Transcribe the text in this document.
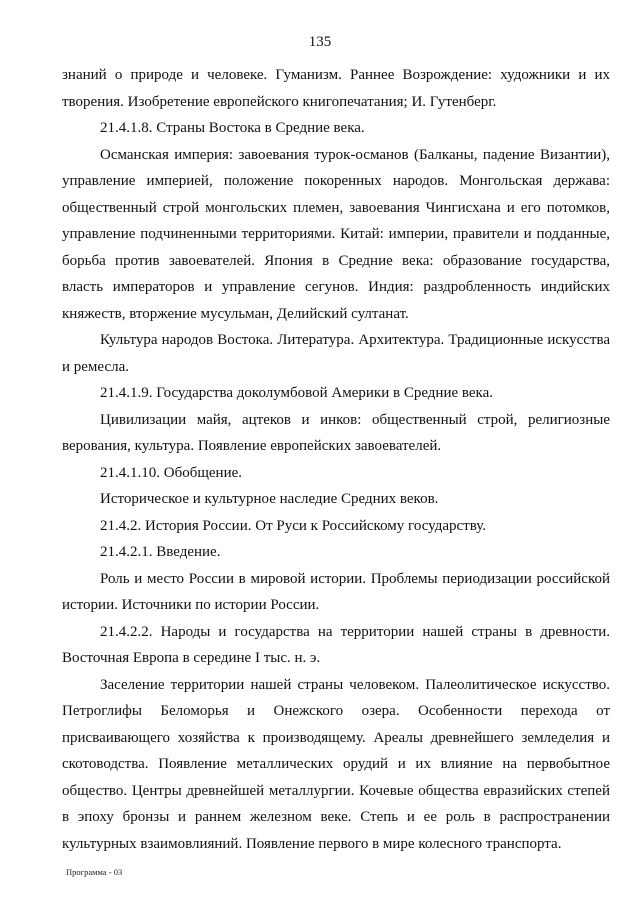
135

знаний о природе и человеке. Гуманизм. Раннее Возрождение: художники и их творения. Изобретение европейского книгопечатания; И. Гутенберг.

21.4.1.8. Страны Востока в Средние века.

Османская империя: завоевания турок-османов (Балканы, падение Византии), управление империей, положение покоренных народов. Монгольская держава: общественный строй монгольских племен, завоевания Чингисхана и его потомков, управление подчиненными территориями. Китай: империи, правители и подданные, борьба против завоевателей. Япония в Средние века: образование государства, власть императоров и управление сегунов. Индия: раздробленность индийских княжеств, вторжение мусульман, Делийский султанат.

Культура народов Востока. Литература. Архитектура. Традиционные искусства и ремесла.

21.4.1.9. Государства доколумбовой Америки в Средние века.

Цивилизации майя, ацтеков и инков: общественный строй, религиозные верования, культура. Появление европейских завоевателей.

21.4.1.10. Обобщение.

Историческое и культурное наследие Средних веков.

21.4.2. История России. От Руси к Российскому государству.

21.4.2.1. Введение.

Роль и место России в мировой истории. Проблемы периодизации российской истории. Источники по истории России.

21.4.2.2. Народы и государства на территории нашей страны в древности. Восточная Европа в середине I тыс. н. э.

Заселение территории нашей страны человеком. Палеолитическое искусство. Петроглифы Беломорья и Онежского озера. Особенности перехода от присваивающего хозяйства к производящему. Ареалы древнейшего земледелия и скотоводства. Появление металлических орудий и их влияние на первобытное общество. Центры древнейшей металлургии. Кочевые общества евразийских степей в эпоху бронзы и раннем железном веке. Степь и ее роль в распространении культурных взаимовлияний. Появление первого в мире колесного транспорта.

Программа - 03
